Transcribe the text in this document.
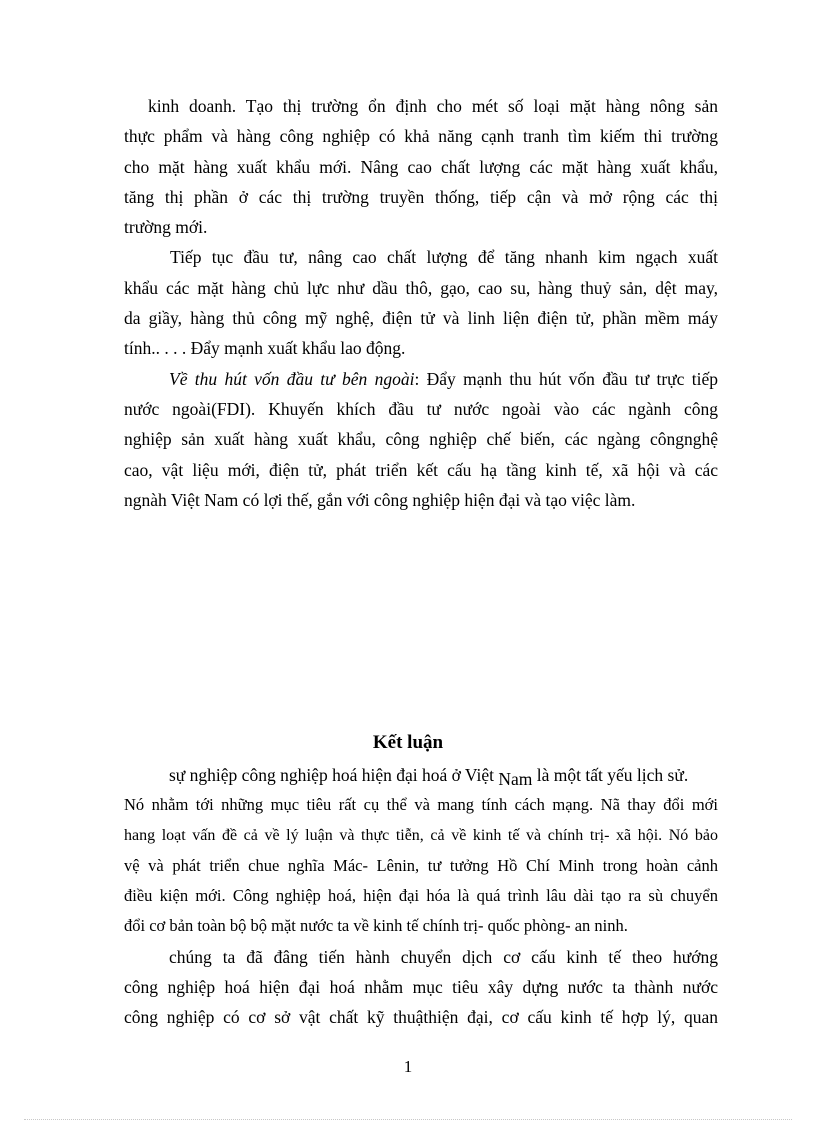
kinh doanh. Tạo thị trường ổn định cho mét số loại mặt hàng nông sản
thực phẩm và hàng công nghiệp có khả năng cạnh tranh tìm kiếm thi trường
cho mặt hàng xuất khẩu mới. Nâng cao chất lượng các mặt hàng xuất khẩu,
tăng thị phần ở các thị trường truyền thống, tiếp cận và mở rộng các thị
trường mới.
Tiếp tục đầu tư, nâng cao chất lượng để tăng nhanh kim ngạch xuất
khẩu các mặt hàng chủ lực như dầu thô, gạo, cao su, hàng thuỷ sản, dệt may,
da giầy, hàng thủ công mỹ nghệ, điện tử và linh liện điện tử, phần mềm máy
tính.. . . . Đẩy mạnh xuất khẩu lao động.
Về thu hút vốn đầu tư bên ngoài: Đẩy mạnh thu hút vốn đầu tư trực tiếp
nước ngoài(FDI). Khuyến khích đầu tư nước ngoài vào các ngành công
nghiệp sản xuất hàng xuất khẩu, công nghiệp chế biến, các ngàng côngnghệ
cao, vật liệu mới, điện tử, phát triển kết cấu hạ tầng kinh tế, xã hội và các
ngnàh Việt Nam có lợi thế, gắn với công nghiệp hiện đại và tạo việc làm.
Kết luận
sự nghiệp công nghiệp hoá hiện đại hoá ở Việt Nam là một tất yếu lịch sử.
Nó nhằm tới những mục tiêu rất cụ thể và mang tính cách mạng. Nã thay đổi mới
hang loạt vấn đề cả về lý luận và thực tiễn, cả về kinh tế và chính trị- xã hội. Nó bảo
vệ và phát triển chue nghĩa Mác- Lênin, tư tưởng Hồ Chí Minh trong hoàn cảnh
điều kiện mới. Công nghiệp hoá, hiện đại hóa là quá trình lâu dài tạo ra sù chuyển
đổi cơ bản toàn bộ bộ mặt nước ta về kinh tế chính trị- quốc phòng- an ninh.
chúng ta đã đâng tiến hành chuyển dịch cơ cấu kinh tế theo hướng
công nghiệp hoá hiện đại hoá nhằm mục tiêu xây dựng nước ta thành nước
công nghiệp có cơ sở vật chất kỹ thuậthiện đại, cơ cấu kinh tế hợp lý, quan
1
